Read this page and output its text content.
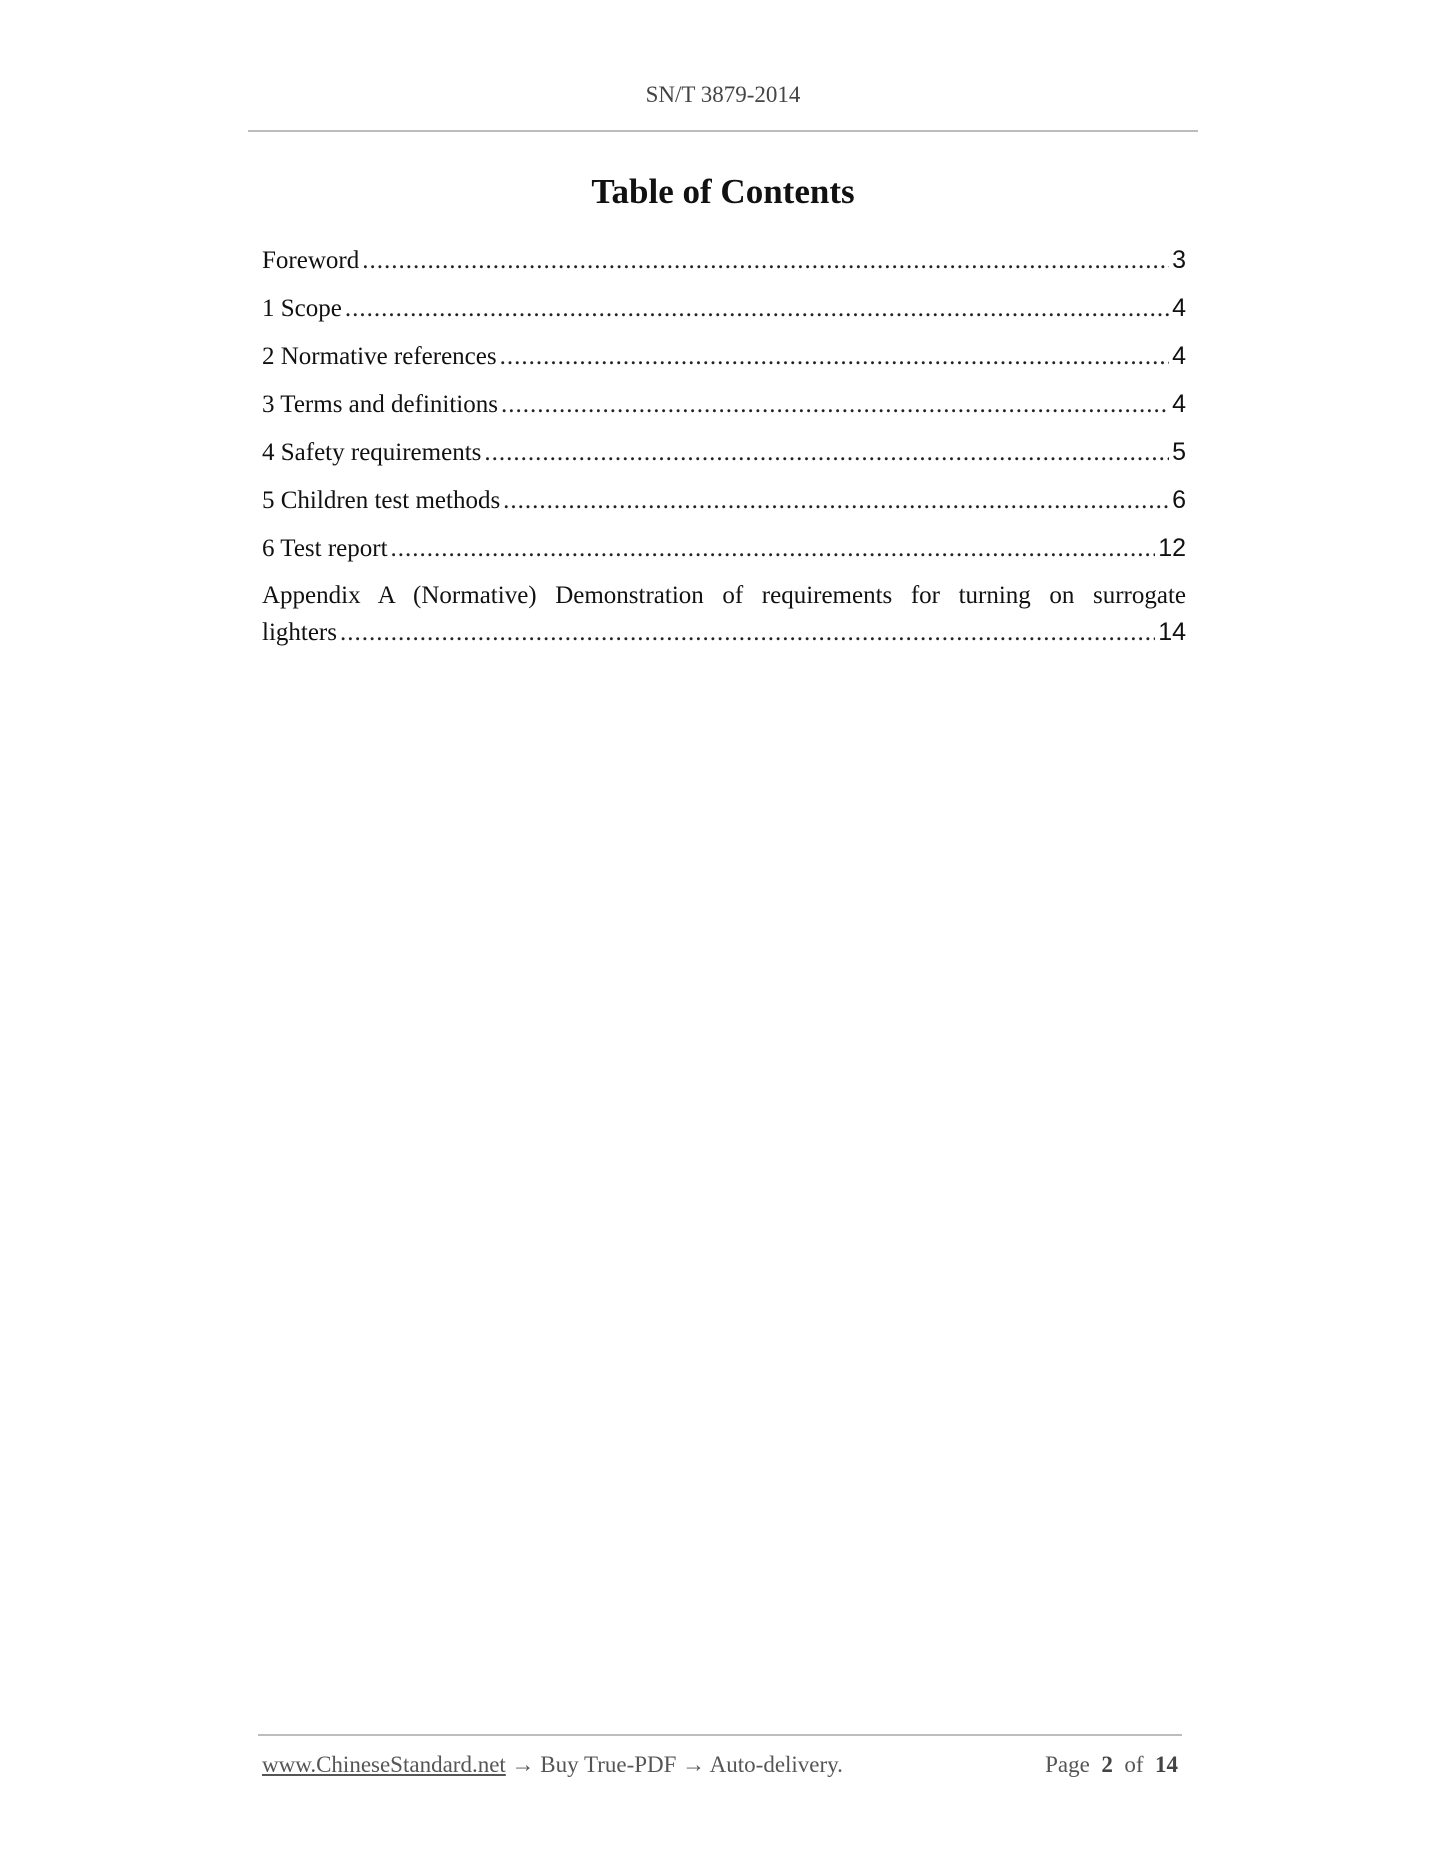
SN/T 3879-2014
Table of Contents
Foreword .....	3
1 Scope .....	4
2 Normative references .....	4
3 Terms and definitions .....	4
4 Safety requirements .....	5
5 Children test methods .....	6
6 Test report .....	12
Appendix A (Normative) Demonstration of requirements for turning on surrogate
lighters .....	14
www.ChineseStandard.net → Buy True-PDF → Auto-delivery.	Page 2 of 14
